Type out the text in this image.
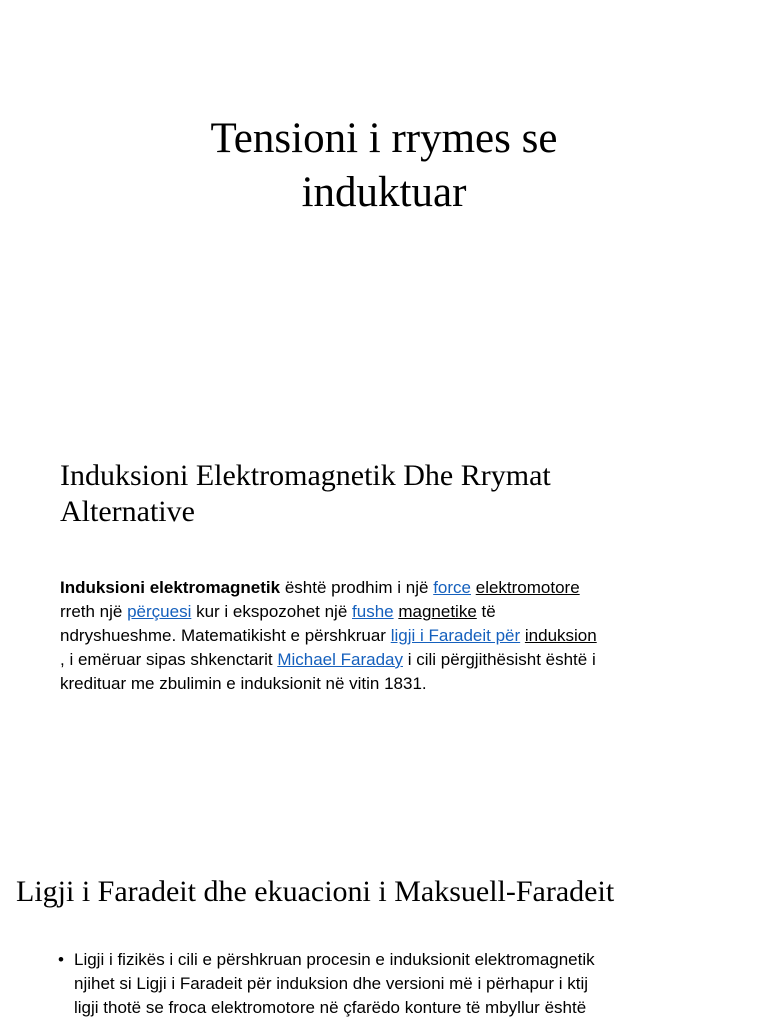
Tensioni i rrymes se
induktuar
Induksioni Elektromagnetik Dhe Rrymat
Alternative

Induksioni elektromagnetik është prodhim i një force elektromotore
rreth një përçuesi kur i ekspozohet një fushe magnetike të
ndryshueshme. Matematikisht e përshkruar ligji i Faradeit për induksion
, i emëruar sipas shkenctarit Michael Faraday i cili përgjithësisht është i
kredituar me zbulimin e induksionit në vitin 1831.

Ligji i Faradeit dhe ekuacioni i Maksuell-Faradeit
• Ligji i fizikës i cili e përshkruan procesin e induksionit elektromagnetik
njihet si Ligji i Faradeit për induksion dhe versioni më i përhapur i ktij
ligji thotë se froca elektromotore në çfarëdo konture të mbyllur është
